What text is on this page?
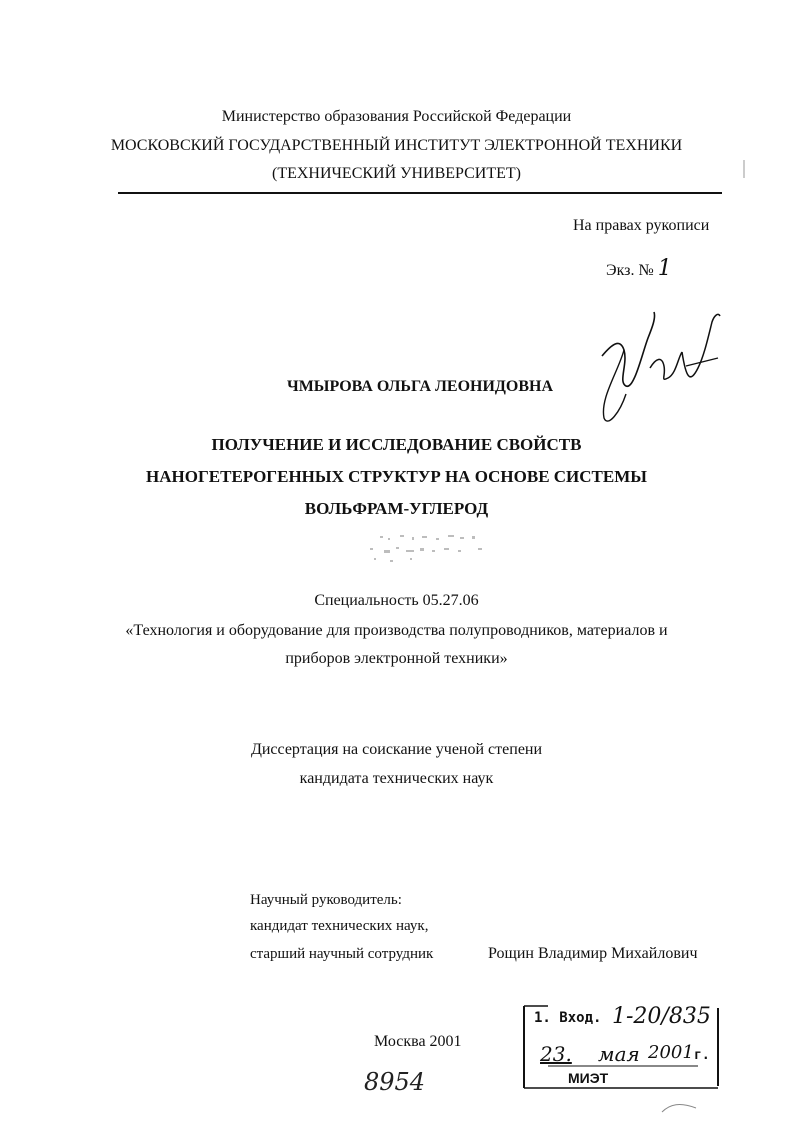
Министерство образования Российской Федерации
МОСКОВСКИЙ ГОСУДАРСТВЕННЫЙ ИНСТИТУТ ЭЛЕКТРОННОЙ ТЕХНИКИ
(ТЕХНИЧЕСКИЙ УНИВЕРСИТЕТ)
На правах рукописи
Экз. № 1
ЧМЫРОВА ОЛЬГА ЛЕОНИДОВНА
ПОЛУЧЕНИЕ И ИССЛЕДОВАНИЕ СВОЙСТВ
НАНОГЕТЕРОГЕННЫХ СТРУКТУР НА ОСНОВЕ СИСТЕМЫ
ВОЛЬФРАМ-УГЛЕРОД
Специальность 05.27.06
«Технология и оборудование для производства полупроводников, материалов и
приборов электронной техники»
Диссертация на соискание ученой степени
кандидата технических наук
Научный руководитель:
кандидат технических наук,
старший научный сотрудник	Рощин Владимир Михайлович
Москва 2001
8954
1. Вход. 1-20/835
23. мая 2001 г.
МИЭТ
